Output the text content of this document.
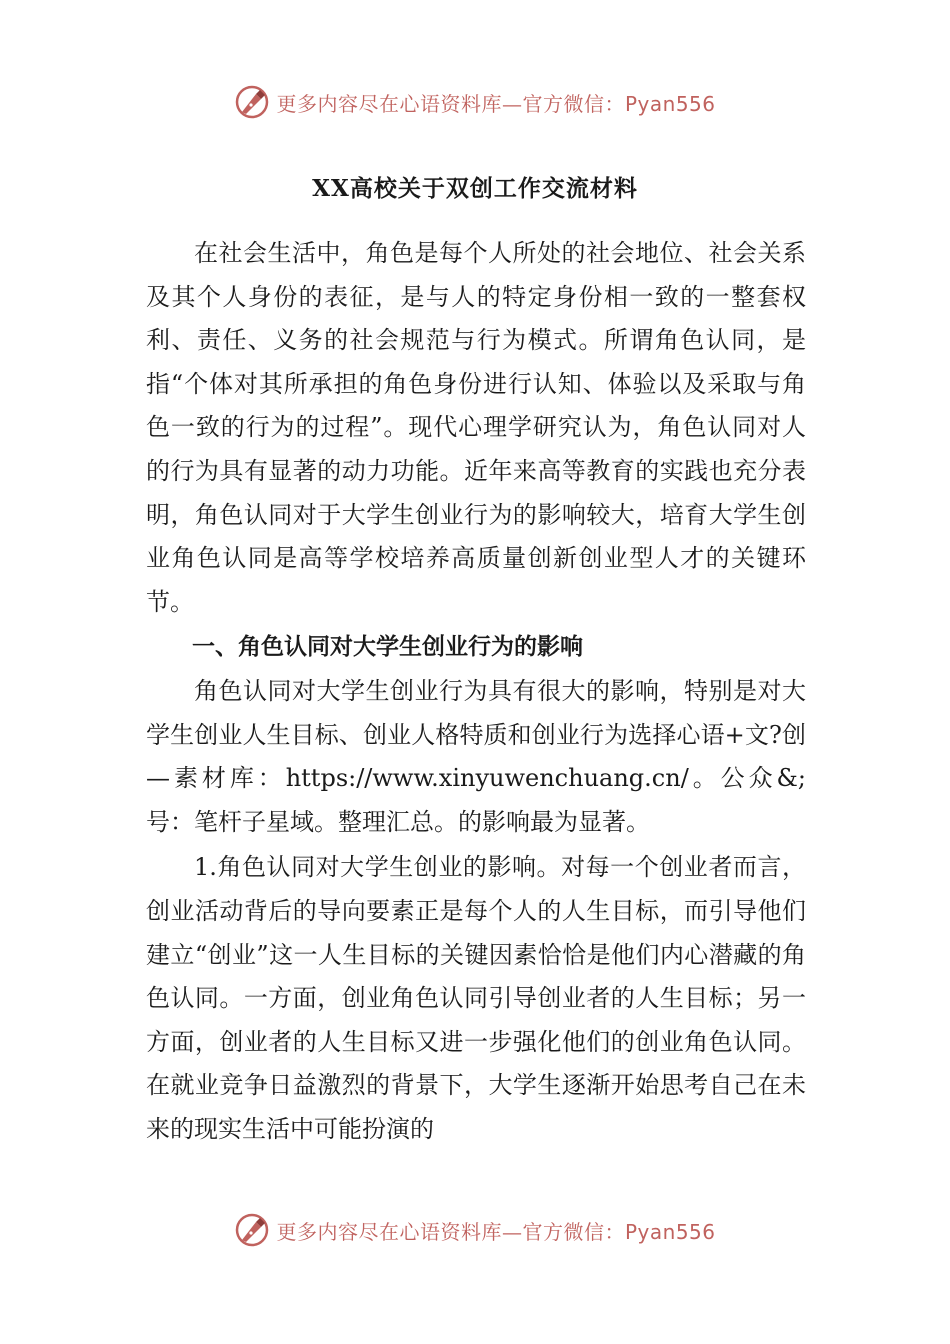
更多内容尽在心语资料库—官方微信：Pyan556
XX高校关于双创工作交流材料

在社会生活中，角色是每个人所处的社会地位、社会关系及其个人身份的表征，是与人的特定身份相一致的一整套权利、责任、义务的社会规范与行为模式。所谓角色认同，是指“个体对其所承担的角色身份进行认知、体验以及采取与角色一致的行为的过程”。现代心理学研究认为，角色认同对人的行为具有显著的动力功能。近年来高等教育的实践也充分表明，角色认同对于大学生创业行为的影响较大，培育大学生创业角色认同是高等学校培养高质量创新创业型人才的关键环节。

一、角色认同对大学生创业行为的影响

角色认同对大学生创业行为具有很大的影响，特别是对大学生创业人生目标、创业人格特质和创业行为选择心语+文?创—素材库：https://www.xinyuwenchuang.cn/。公众&;号：笔杆子星域。整理汇总。的影响最为显著。

1.角色认同对大学生创业的影响。对每一个创业者而言，创业活动背后的导向要素正是每个人的人生目标，而引导他们建立“创业”这一人生目标的关键因素恰恰是他们内心潜藏的角色认同。一方面，创业角色认同引导创业者的人生目标；另一方面，创业者的人生目标又进一步强化他们的创业角色认同。在就业竞争日益激烈的背景下，大学生逐渐开始思考自己在未来的现实生活中可能扮演的

更多内容尽在心语资料库—官方微信：Pyan556
